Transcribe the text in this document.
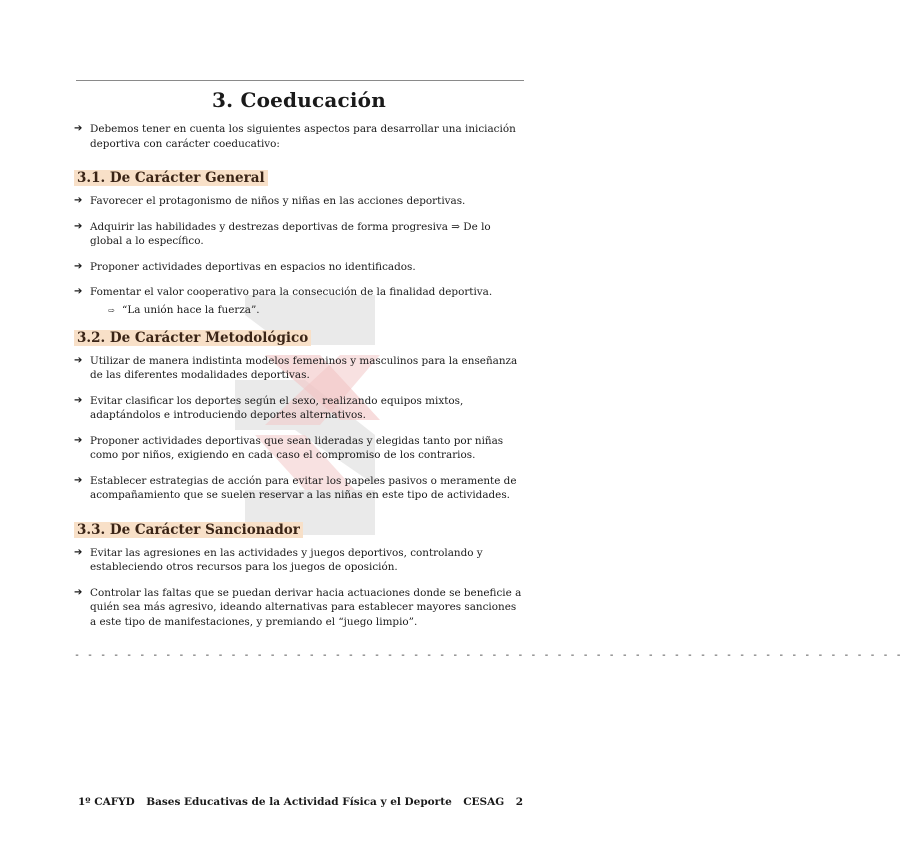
3. Coeducación
➔ Debemos tener en cuenta los siguientes aspectos para desarrollar una iniciación deportiva con carácter coeducativo:
3.1. De Carácter General
➔ Favorecer el protagonismo de niños y niñas en las acciones deportivas.
➔ Adquirir las habilidades y destrezas deportivas de forma progresiva ⇒ De lo global a lo específico.
➔ Proponer actividades deportivas en espacios no identificados.
➔ Fomentar el valor cooperativo para la consecución de la finalidad deportiva.
⇨ “La unión hace la fuerza”.
3.2. De Carácter Metodológico
➔ Utilizar de manera indistinta modelos femeninos y masculinos para la enseñanza de las diferentes modalidades deportivas.
➔ Evitar clasificar los deportes según el sexo, realizando equipos mixtos, adaptándolos e introduciendo deportes alternativos.
➔ Proponer actividades deportivas que sean lideradas y elegidas tanto por niñas como por niños, exigiendo en cada caso el compromiso de los contrarios.
➔ Establecer estrategias de acción para evitar los papeles pasivos o meramente de acompañamiento que se suelen reservar a las niñas en este tipo de actividades.
3.3. De Carácter Sancionador
➔ Evitar las agresiones en las actividades y juegos deportivos, controlando y estableciendo otros recursos para los juegos de oposición.
➔ Controlar las faltas que se puedan derivar hacia actuaciones donde se beneficie a quién sea más agresivo, ideando alternativas para establecer mayores sanciones a este tipo de manifestaciones, y premiando el “juego limpio”.
- - - - - - - - - - - - - - - - - - - - - - - - - - - - - - - - - - - - - - - - - - - - - - - - - - - - - - - - - - - - - - - -
1º CAFYD Bases Educativas de la Actividad Física y el Deporte CESAG 2
